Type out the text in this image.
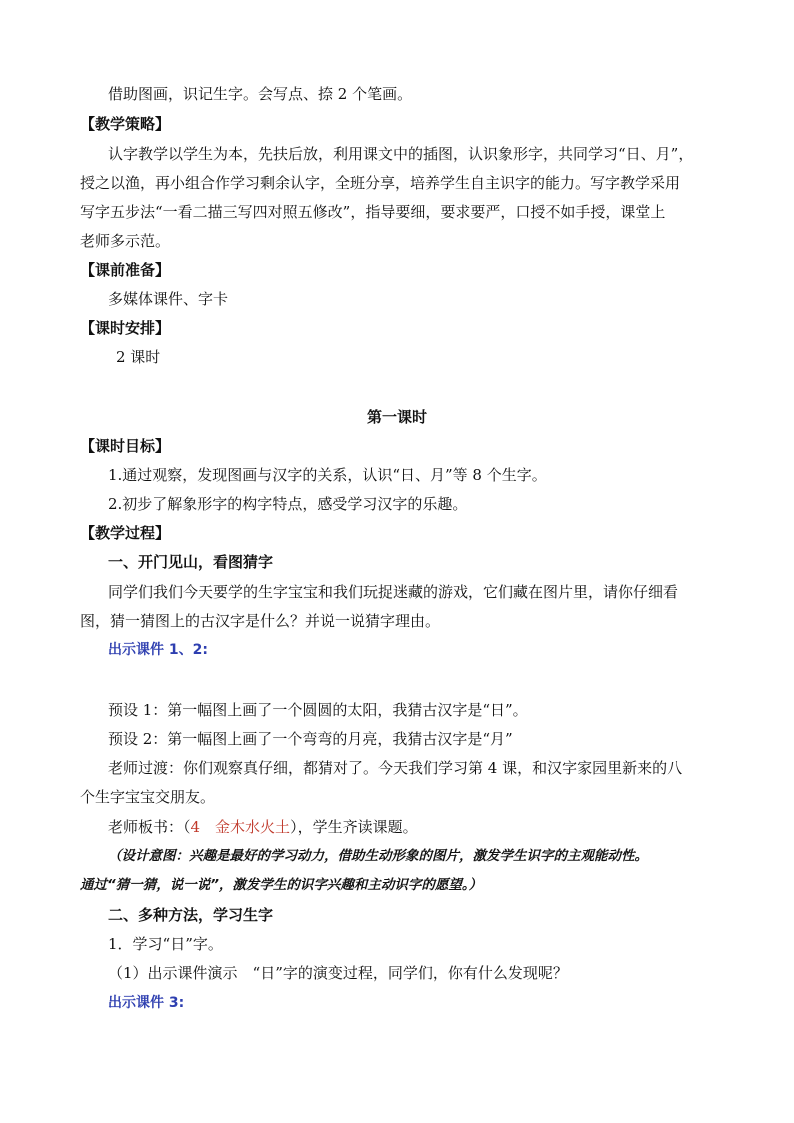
借助图画，识记生字。会写点、捺 2 个笔画。
【教学策略】
认字教学以学生为本，先扶后放，利用课文中的插图，认识象形字，共同学习“日、月”，
授之以渔，再小组合作学习剩余认字，全班分享，培养学生自主识字的能力。写字教学采用
写字五步法“一看二描三写四对照五修改”，指导要细，要求要严，口授不如手授，课堂上
老师多示范。
【课前准备】
多媒体课件、字卡
【课时安排】
2 课时
第一课时
【课时目标】
1.通过观察，发现图画与汉字的关系，认识“日、月”等 8 个生字。
2.初步了解象形字的构字特点，感受学习汉字的乐趣。
【教学过程】
一、开门见山，看图猜字
同学们我们今天要学的生字宝宝和我们玩捉迷藏的游戏，它们藏在图片里，请你仔细看
图，猜一猜图上的古汉字是什么？并说一说猜字理由。
出示课件 1、2:
预设 1：第一幅图上画了一个圆圆的太阳，我猜古汉字是“日”。
预设 2：第一幅图上画了一个弯弯的月亮，我猜古汉字是“月”
老师过渡：你们观察真仔细，都猜对了。今天我们学习第 4 课，和汉字家园里新来的八
个生字宝宝交朋友。
老师板书：（4　金木水火土），学生齐读课题。
（设计意图：兴趣是最好的学习动力，借助生动形象的图片，激发学生识字的主观能动性。
通过“猜一猜，说一说”，激发学生的识字兴趣和主动识字的愿望。）
二、多种方法，学习生字
1．学习“日”字。
（1）出示课件演示　“日”字的演变过程，同学们，你有什么发现呢？
出示课件 3:
